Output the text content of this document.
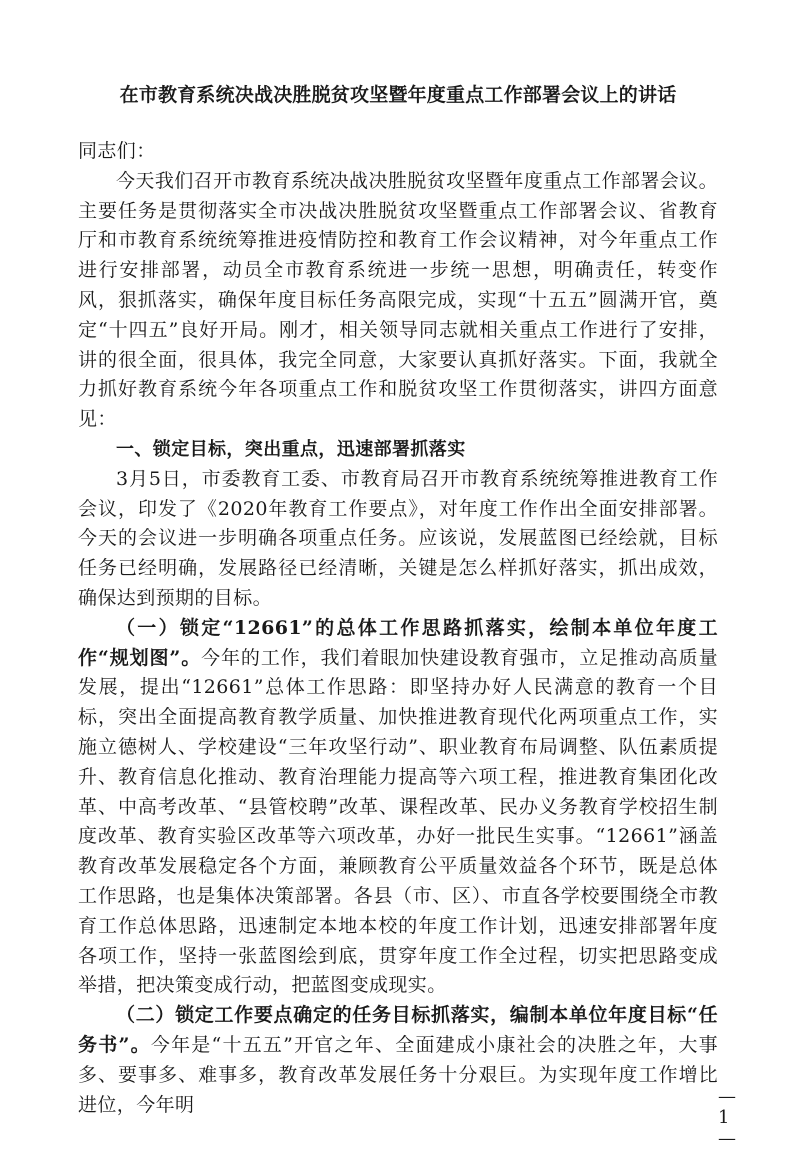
在市教育系统决战决胜脱贫攻坚暨年度重点工作部署会议上的讲话

同志们：

今天我们召开市教育系统决战决胜脱贫攻坚暨年度重点工作部署会议。主要任务是贯彻落实全市决战决胜脱贫攻坚暨重点工作部署会议、省教育厅和市教育系统统筹推进疫情防控和教育工作会议精神，对今年重点工作进行安排部署，动员全市教育系统进一步统一思想，明确责任，转变作风，狠抓落实，确保年度目标任务高限完成，实现“十五五”圆满开官，奠定“十四五”良好开局。刚才，相关领导同志就相关重点工作进行了安排，讲的很全面，很具体，我完全同意，大家要认真抓好落实。下面，我就全力抓好教育系统今年各项重点工作和脱贫攻坚工作贯彻落实，讲四方面意见：

一、锁定目标，突出重点，迅速部署抓落实

3月5日，市委教育工委、市教育局召开市教育系统统筹推进教育工作会议，印发了《2020年教育工作要点》，对年度工作作出全面安排部署。今天的会议进一步明确各项重点任务。应该说，发展蓝图已经绘就，目标任务已经明确，发展路径已经清晰，关键是怎么样抓好落实，抓出成效，确保达到预期的目标。

（一）锁定“12661”的总体工作思路抓落实，绘制本单位年度工作“规划图”。今年的工作，我们着眼加快建设教育强市，立足推动高质量发展，提出“12661”总体工作思路：即坚持办好人民满意的教育一个目标，突出全面提高教育教学质量、加快推进教育现代化两项重点工作，实施立德树人、学校建设“三年攻坚行动”、职业教育布局调整、队伍素质提升、教育信息化推动、教育治理能力提高等六项工程，推进教育集团化改革、中高考改革、“县管校聘”改革、课程改革、民办义务教育学校招生制度改革、教育实验区改革等六项改革，办好一批民生实事。“12661”涵盖教育改革发展稳定各个方面，兼顾教育公平质量效益各个环节，既是总体工作思路，也是集体决策部署。各县（市、区）、市直各学校要围绕全市教育工作总体思路，迅速制定本地本校的年度工作计划，迅速安排部署年度各项工作，坚持一张蓝图绘到底，贯穿年度工作全过程，切实把思路变成举措，把决策变成行动，把蓝图变成现实。

（二）锁定工作要点确定的任务目标抓落实，编制本单位年度目标“任务书”。今年是“十五五”开官之年、全面建成小康社会的决胜之年，大事多、要事多、难事多，教育改革发展任务十分艰巨。为实现年度工作增比进位，今年明	— 1 —
